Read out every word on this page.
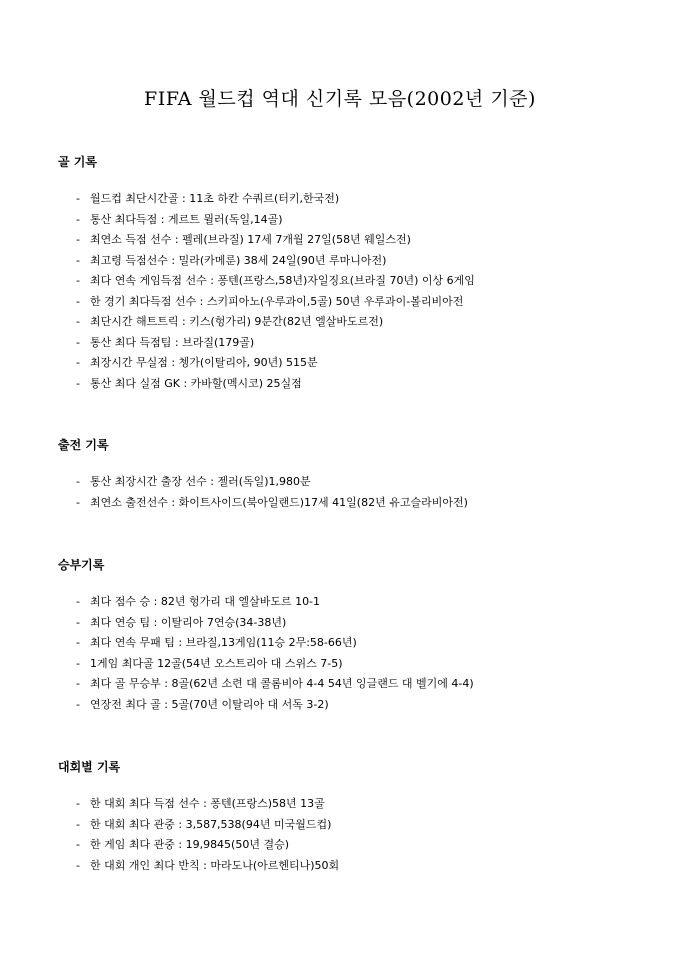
FIFA 월드컵 역대 신기록 모음(2002년 기준)
골 기록
- 월드컵 최단시간골 : 11초 하칸 수쿼르(터키,한국전)
- 통산 최다득점 : 게르트 뮐러(독일,14골)
- 최연소 득점 선수 : 펠레(브라질) 17세 7개월 27일(58년 웨일스전)
- 최고령 득점선수 : 밀라(카메룬) 38세 24일(90년 루마니아전)
- 최다 연속 게임득점 선수 : 퐁텐(프랑스,58년)자일징요(브라질 70년) 이상 6게임
- 한 경기 최다득점 선수 : 스키피아노(우루과이,5골) 50년 우루과이-볼리비아전
- 최단시간 해트트릭 : 키스(헝가리) 9분간(82년 엘살바도르전)
- 통산 최다 득점팀 : 브라질(179골)
- 최장시간 무실점 : 쳉가(이탈리아, 90년) 515분
- 통산 최다 실점 GK : 카바할(멕시코) 25실점
출전 기록
- 통산 최장시간 출장 선수 : 젤러(독일)1,980분
- 최연소 출전선수 : 화이트사이드(북아일랜드)17세 41일(82년 유고슬라비아전)
승부기록
- 최다 점수 승 : 82년 헝가리 대 엘살바도르 10-1
- 최다 연승 팀 : 이탈리아 7연승(34-38년)
- 최다 연속 무패 팀 : 브라질,13게임(11승 2무:58-66년)
- 1게임 최다골 12골(54년 오스트리아 대 스위스 7-5)
- 최다 골 무승부 : 8골(62년 소련 대 콜롬비아 4-4 54년 잉글랜드 대 벨기에 4-4)
- 연장전 최다 골 : 5골(70년 이탈리아 대 서독 3-2)
대회별 기록
- 한 대회 최다 득점 선수 : 퐁텐(프랑스)58년 13골
- 한 대회 최다 관중 : 3,587,538(94년 미국월드컵)
- 한 게임 최다 관중 : 19,9845(50년 결승)
- 한 대회 개인 최다 반칙 : 마라도나(아르헨티나)50회
